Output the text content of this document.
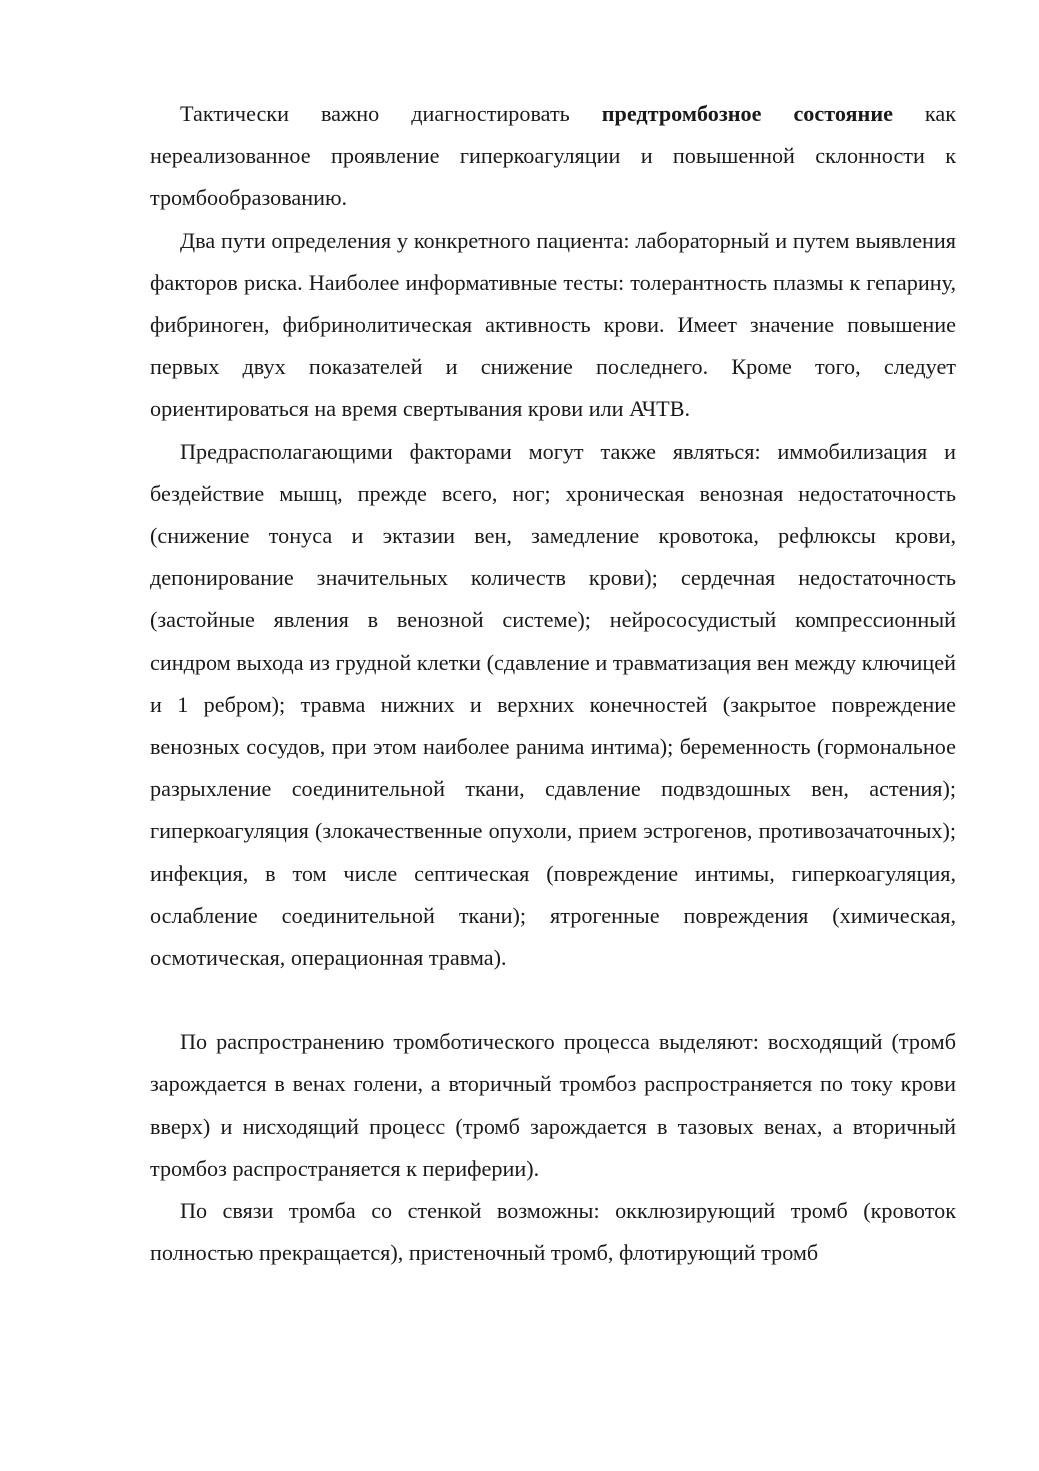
Тактически важно диагностировать предтромбозное состояние как нереализованное проявление гиперкоагуляции и повышенной склонности к тромбообразованию.

Два пути определения у конкретного пациента: лабораторный и путем выявления факторов риска. Наиболее информативные тесты: толерантность плазмы к гепарину, фибриноген, фибринолитическая активность крови. Имеет значение повышение первых двух показателей и снижение последнего. Кроме того, следует ориентироваться на время свертывания крови или АЧТВ.

Предрасполагающими факторами могут также являться: иммобилизация и бездействие мышц, прежде всего, ног; хроническая венозная недостаточность (снижение тонуса и эктазии вен, замедление кровотока, рефлюксы крови, депонирование значительных количеств крови); сердечная недостаточность (застойные явления в венозной системе); нейрососудистый компрессионный синдром выхода из грудной клетки (сдавление и травматизация вен между ключицей и 1 ребром); травма нижних и верхних конечностей (закрытое повреждение венозных сосудов, при этом наиболее ранима интима); беременность (гормональное разрыхление соединительной ткани, сдавление подвздошных вен, астения); гиперкоагуляция (злокачественные опухоли, прием эстрогенов, противозачаточных); инфекция, в том числе септическая (повреждение интимы, гиперкоагуляция, ослабление соединительной ткани); ятрогенные повреждения (химическая, осмотическая, операционная травма).

По распространению тромботического процесса выделяют: восходящий (тромб зарождается в венах голени, а вторичный тромбоз распространяется по току крови вверх) и нисходящий процесс (тромб зарождается в тазовых венах, а вторичный тромбоз распространяется к периферии).

По связи тромба со стенкой возможны: окклюзирующий тромб (кровоток полностью прекращается), пристеночный тромб, флотирующий тромб
